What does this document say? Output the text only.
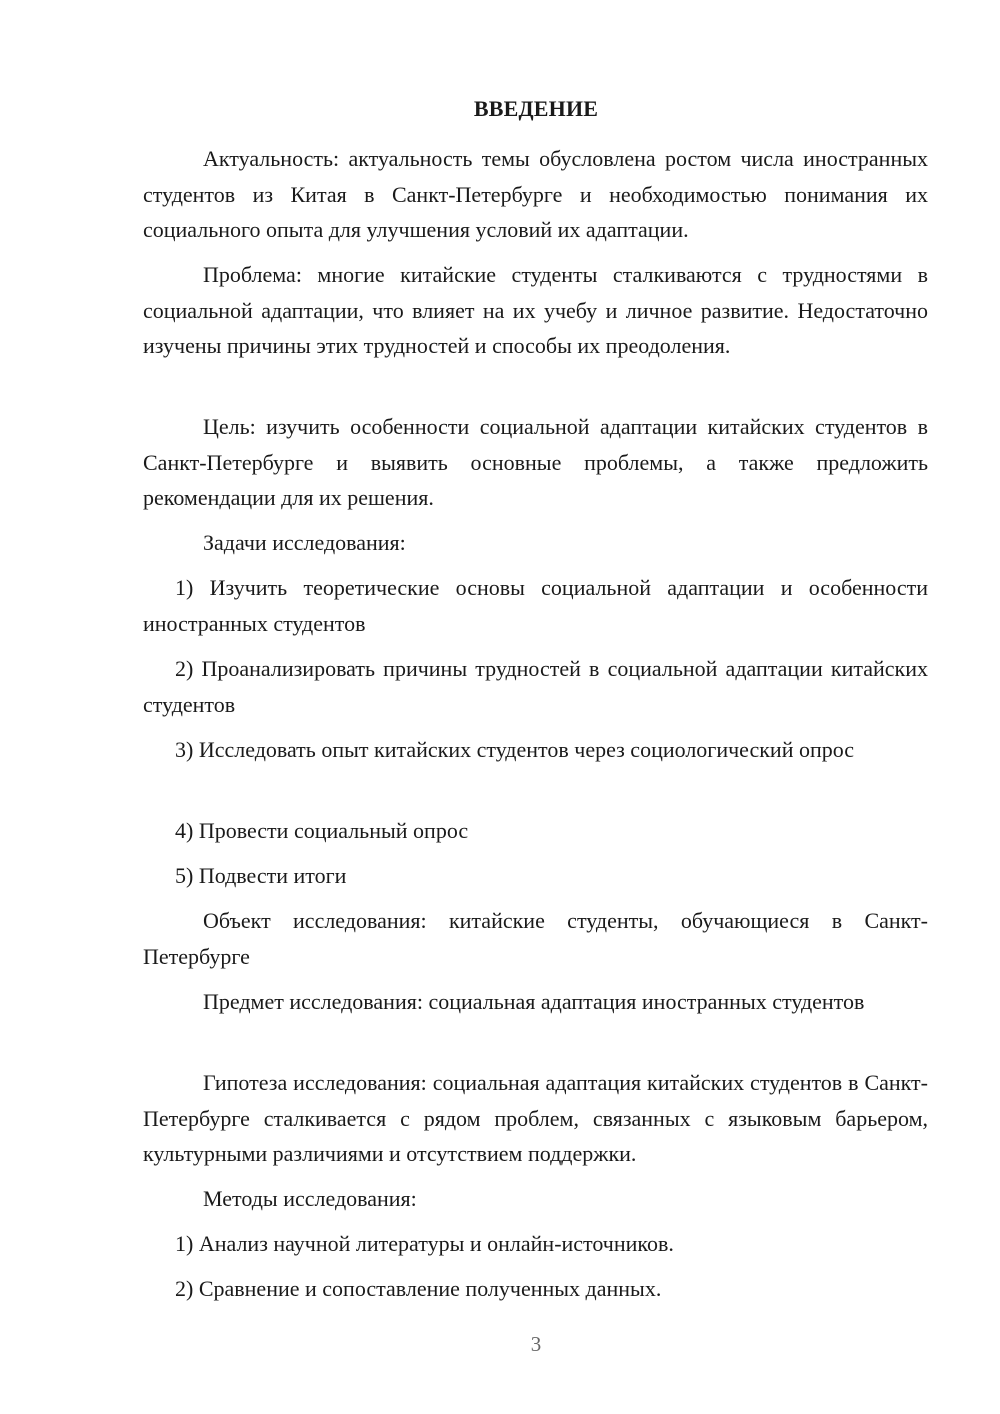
ВВЕДЕНИЕ

Актуальность: актуальность темы обусловлена ростом числа иностранных студентов из Китая в Санкт-Петербурге и необходимостью понимания их социального опыта для улучшения условий их адаптации.

Проблема: многие китайские студенты сталкиваются с трудностями в социальной адаптации, что влияет на их учебу и личное развитие. Недостаточно изучены причины этих трудностей и способы их преодоления.

Цель: изучить особенности социальной адаптации китайских студентов в Санкт-Петербурге и выявить основные проблемы, а также предложить рекомендации для их решения.

Задачи исследования:

1) Изучить теоретические основы социальной адаптации и особенности иностранных студентов

2) Проанализировать причины трудностей в социальной адаптации китайских студентов

3) Исследовать опыт китайских студентов через социологический опрос

4) Провести социальный опрос

5) Подвести итоги

Объект исследования: китайские студенты, обучающиеся в Санкт-Петербурге

Предмет исследования: социальная адаптация иностранных студентов

Гипотеза исследования: социальная адаптация китайских студентов в Санкт-Петербурге сталкивается с рядом проблем, связанных с языковым барьером, культурными различиями и отсутствием поддержки.

Методы исследования:

1) Анализ научной литературы и онлайн-источников.

2) Сравнение и сопоставление полученных данных.

3
